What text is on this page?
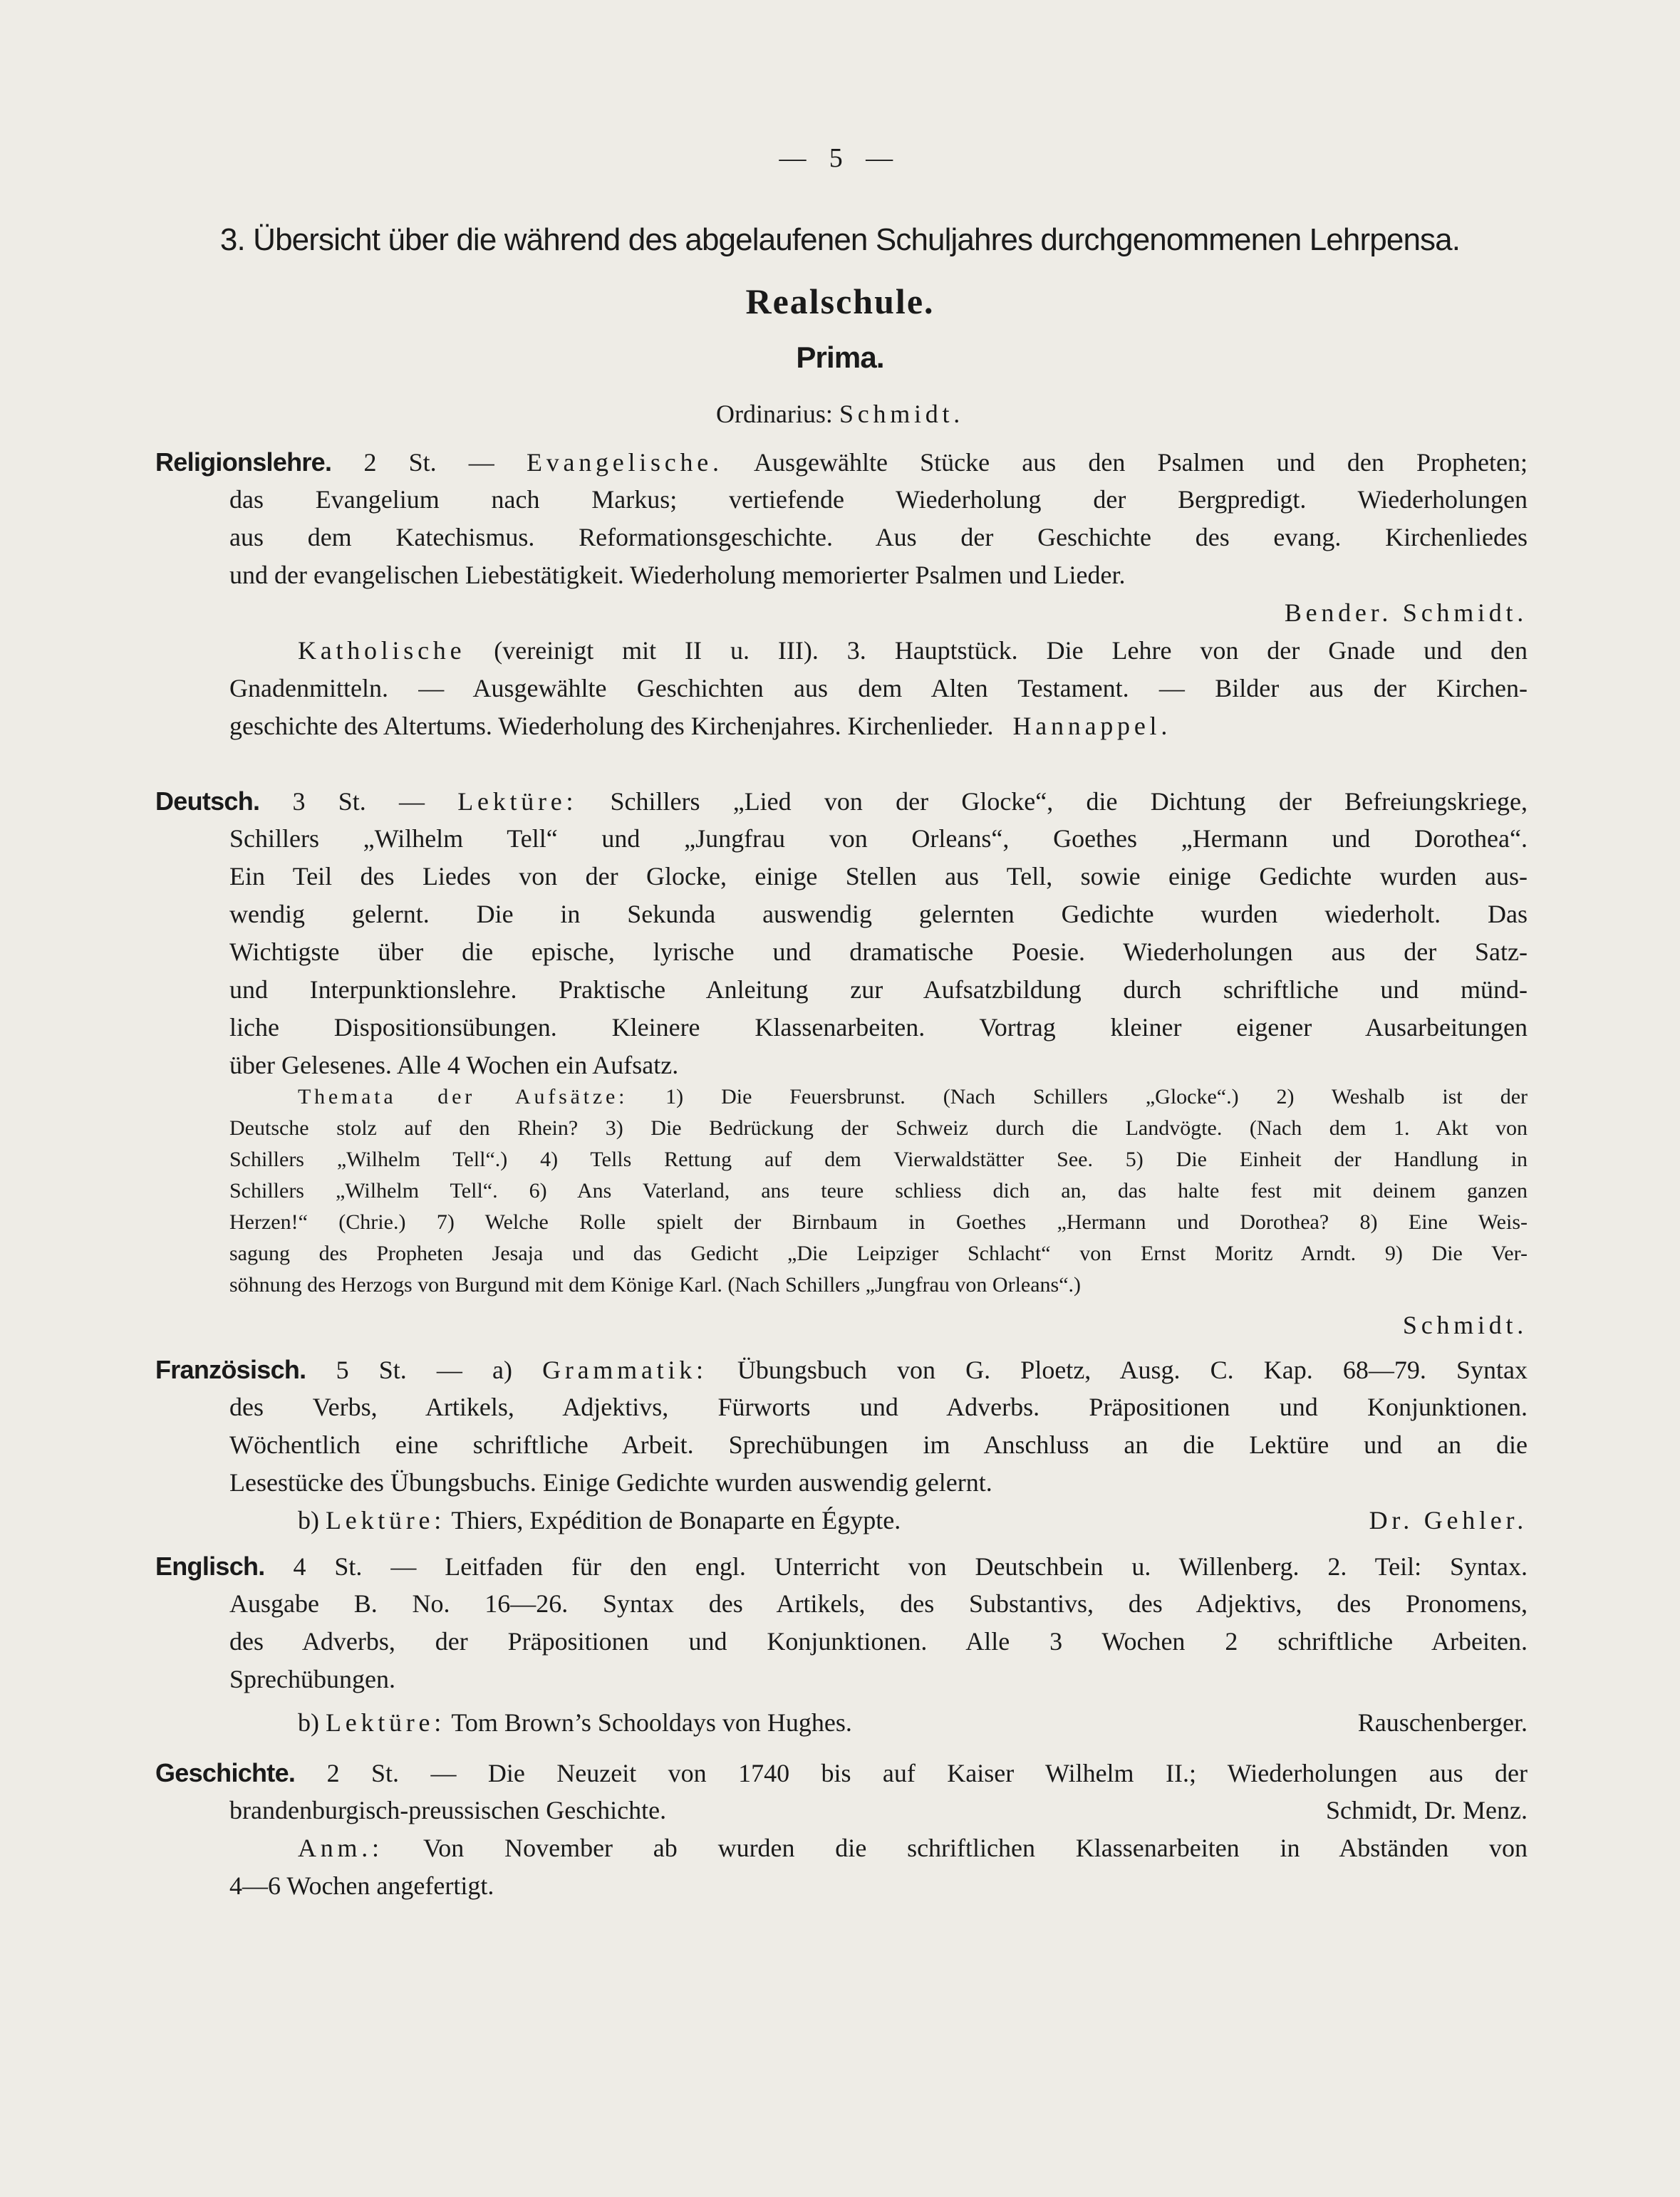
— 5 —
3. Übersicht über die während des abgelaufenen Schuljahres durchgenommenen Lehrpensa.
Realschule.
Prima.
Ordinarius: Schmidt.
Religionslehre. 2 St. — Evangelische. Ausgewählte Stücke aus den Psalmen und den Propheten;
das Evangelium nach Markus; vertiefende Wiederholung der Bergpredigt. Wiederholungen
aus dem Katechismus. Reformationsgeschichte. Aus der Geschichte des evang. Kirchenliedes
und der evangelischen Liebestätigkeit. Wiederholung memorierter Psalmen und Lieder.
Bender. Schmidt.
Katholische (vereinigt mit II u. III). 3. Hauptstück. Die Lehre von der Gnade und den
Gnadenmitteln. — Ausgewählte Geschichten aus dem Alten Testament. — Bilder aus der Kirchen-
geschichte des Altertums. Wiederholung des Kirchenjahres. Kirchenlieder. Hannappel.
Deutsch. 3 St. — Lektüre: Schillers „Lied von der Glocke“, die Dichtung der Befreiungskriege,
Schillers „Wilhelm Tell“ und „Jungfrau von Orleans“, Goethes „Hermann und Dorothea“.
Ein Teil des Liedes von der Glocke, einige Stellen aus Tell, sowie einige Gedichte wurden aus-
wendig gelernt. Die in Sekunda auswendig gelernten Gedichte wurden wiederholt. Das
Wichtigste über die epische, lyrische und dramatische Poesie. Wiederholungen aus der Satz-
und Interpunktionslehre. Praktische Anleitung zur Aufsatzbildung durch schriftliche und münd-
liche Dispositionsübungen. Kleinere Klassenarbeiten. Vortrag kleiner eigener Ausarbeitungen
über Gelesenes. Alle 4 Wochen ein Aufsatz.
Themata der Aufsätze: 1) Die Feuersbrunst. (Nach Schillers „Glocke“.) 2) Weshalb ist der
Deutsche stolz auf den Rhein? 3) Die Bedrückung der Schweiz durch die Landvögte. (Nach dem 1. Akt von
Schillers „Wilhelm Tell“.) 4) Tells Rettung auf dem Vierwaldstätter See. 5) Die Einheit der Handlung in
Schillers „Wilhelm Tell“. 6) Ans Vaterland, ans teure schliess dich an, das halte fest mit deinem ganzen
Herzen!“ (Chrie.) 7) Welche Rolle spielt der Birnbaum in Goethes „Hermann und Dorothea? 8) Eine Weis-
sagung des Propheten Jesaja und das Gedicht „Die Leipziger Schlacht“ von Ernst Moritz Arndt. 9) Die Ver-
söhnung des Herzogs von Burgund mit dem Könige Karl. (Nach Schillers „Jungfrau von Orleans“.)
Schmidt.
Französisch. 5 St. — a) Grammatik: Übungsbuch von G. Ploetz, Ausg. C. Kap. 68—79. Syntax
des Verbs, Artikels, Adjektivs, Fürworts und Adverbs. Präpositionen und Konjunktionen.
Wöchentlich eine schriftliche Arbeit. Sprechübungen im Anschluss an die Lektüre und an die
Lesestücke des Übungsbuchs. Einige Gedichte wurden auswendig gelernt.
b) Lektüre: Thiers, Expédition de Bonaparte en Égypte.	Dr. Gehler.
Englisch. 4 St. — Leitfaden für den engl. Unterricht von Deutschbein u. Willenberg. 2. Teil: Syntax.
Ausgabe B. No. 16—26. Syntax des Artikels, des Substantivs, des Adjektivs, des Pronomens,
des Adverbs, der Präpositionen und Konjunktionen. Alle 3 Wochen 2 schriftliche Arbeiten.
Sprechübungen.
b) Lektüre: Tom Brown’s Schooldays von Hughes.	Rauschenberger.
Geschichte. 2 St. — Die Neuzeit von 1740 bis auf Kaiser Wilhelm II.; Wiederholungen aus der
brandenburgisch-preussischen Geschichte.	Schmidt, Dr. Menz.
Anm.: Von November ab wurden die schriftlichen Klassenarbeiten in Abständen von
4—6 Wochen angefertigt.
